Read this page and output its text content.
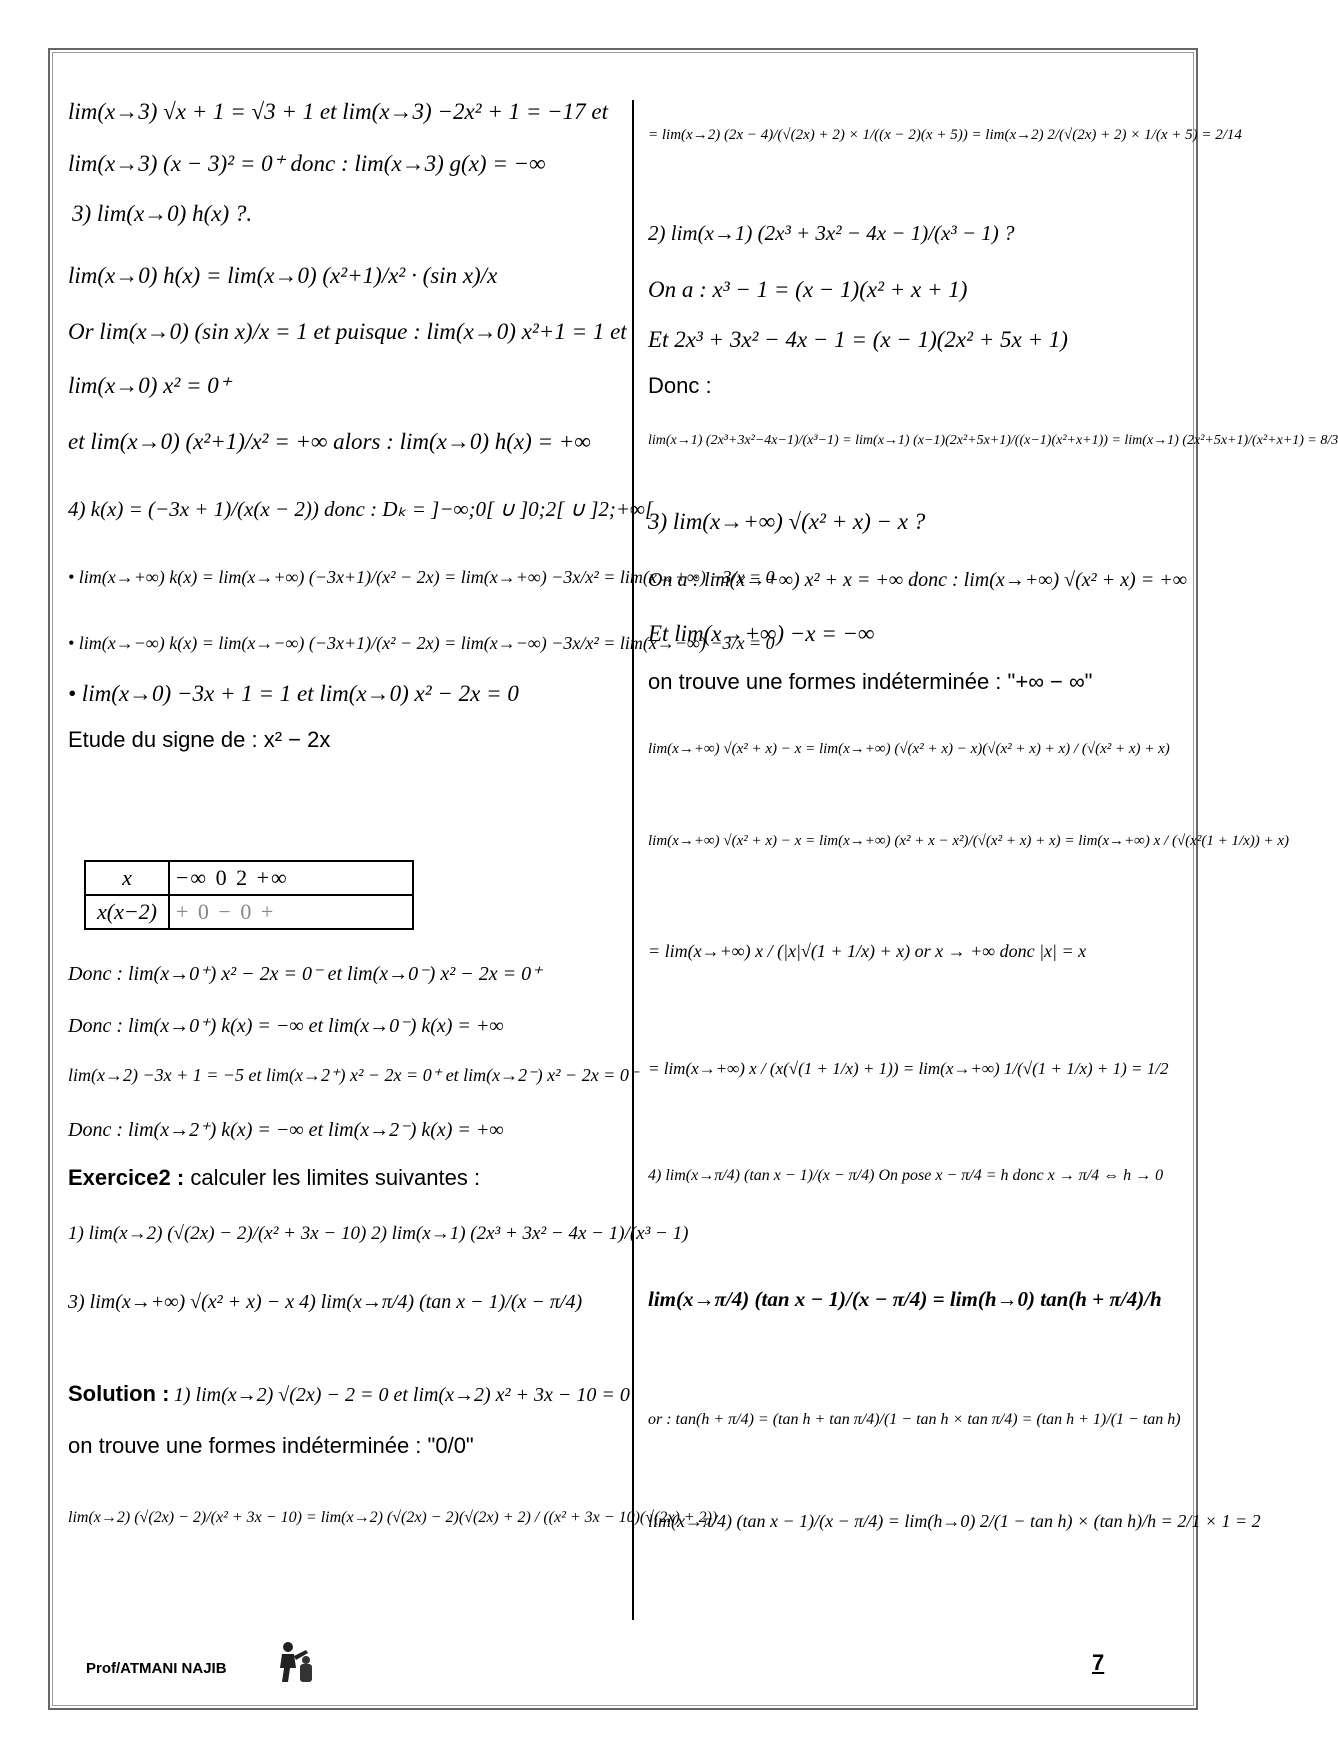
lim(x→3) √x + 1 = √3 + 1 et lim(x→3) −2x² + 1 = −17 et
lim(x→3) (x − 3)² = 0⁺ donc : lim(x→3) g(x) = −∞
3) lim(x→0) h(x) ?.
lim(x→0) h(x) = lim(x→0) (x²+1)/x² · (sin x)/x
Or lim(x→0) (sin x)/x = 1 et puisque : lim(x→0) x²+1 = 1 et
lim(x→0) x² = 0⁺
et lim(x→0) (x²+1)/x² = +∞ alors : lim(x→0) h(x) = +∞
4) k(x) = (−3x + 1)/(x(x − 2)) donc : Dₖ = ]−∞;0[ ∪ ]0;2[ ∪ ]2;+∞[
• lim(x→+∞) k(x) = lim(x→+∞) (−3x+1)/(x² − 2x) = lim(x→+∞) −3x/x² = lim(x→+∞) −3/x = 0
• lim(x→−∞) k(x) = lim(x→−∞) (−3x+1)/(x² − 2x) = lim(x→−∞) −3x/x² = lim(x→−∞) −3/x = 0
• lim(x→0) −3x + 1 = 1 et lim(x→0) x² − 2x = 0
Etude du signe de : x² − 2x
x	−∞ 0 2 +∞
x(x−2)	+ 0 − 0 +
Donc : lim(x→0⁺) x² − 2x = 0⁻ et lim(x→0⁻) x² − 2x = 0⁺
Donc : lim(x→0⁺) k(x) = −∞ et lim(x→0⁻) k(x) = +∞
lim(x→2) −3x + 1 = −5 et lim(x→2⁺) x² − 2x = 0⁺ et lim(x→2⁻) x² − 2x = 0⁻
Donc : lim(x→2⁺) k(x) = −∞ et lim(x→2⁻) k(x) = +∞
Exercice2 : calculer les limites suivantes :
1) lim(x→2) (√(2x) − 2)/(x² + 3x − 10) 2) lim(x→1) (2x³ + 3x² − 4x − 1)/(x³ − 1)
3) lim(x→+∞) √(x² + x) − x 4) lim(x→π/4) (tan x − 1)/(x − π/4)
Solution : 1) lim(x→2) √(2x) − 2 = 0 et lim(x→2) x² + 3x − 10 = 0
on trouve une formes indéterminée : "0/0"
lim(x→2) (√(2x) − 2)/(x² + 3x − 10) = lim(x→2) (√(2x) − 2)(√(2x) + 2) / ((x² + 3x − 10)(√(2x) + 2))
= lim(x→2) (2x − 4)/(√(2x) + 2) × 1/((x − 2)(x + 5)) = lim(x→2) 2/(√(2x) + 2) × 1/(x + 5) = 2/14
2) lim(x→1) (2x³ + 3x² − 4x − 1)/(x³ − 1) ?
On a : x³ − 1 = (x − 1)(x² + x + 1)
Et 2x³ + 3x² − 4x − 1 = (x − 1)(2x² + 5x + 1)
Donc :
lim(x→1) (2x³+3x²−4x−1)/(x³−1) = lim(x→1) (x−1)(2x²+5x+1)/((x−1)(x²+x+1)) = lim(x→1) (2x²+5x+1)/(x²+x+1) = 8/3
3) lim(x→+∞) √(x² + x) − x ?
On a : lim(x→+∞) x² + x = +∞ donc : lim(x→+∞) √(x² + x) = +∞
Et lim(x→+∞) −x = −∞
on trouve une formes indéterminée : "+∞ − ∞"
lim(x→+∞) √(x² + x) − x = lim(x→+∞) (√(x² + x) − x)(√(x² + x) + x) / (√(x² + x) + x)
lim(x→+∞) √(x² + x) − x = lim(x→+∞) (x² + x − x²)/(√(x² + x) + x) = lim(x→+∞) x / (√(x²(1 + 1/x)) + x)
= lim(x→+∞) x / (|x|√(1 + 1/x) + x) or x → +∞ donc |x| = x
= lim(x→+∞) x / (x(√(1 + 1/x) + 1)) = lim(x→+∞) 1/(√(1 + 1/x) + 1) = 1/2
4) lim(x→π/4) (tan x − 1)/(x − π/4) On pose x − π/4 = h donc x → π/4 ⇔ h → 0
lim(x→π/4) (tan x − 1)/(x − π/4) = lim(h→0) tan(h + π/4)/h
or : tan(h + π/4) = (tan h + tan π/4)/(1 − tan h × tan π/4) = (tan h + 1)/(1 − tan h)
lim(x→π/4) (tan x − 1)/(x − π/4) = lim(h→0) 2/(1 − tan h) × (tan h)/h = 2/1 × 1 = 2
Prof/ATMANI NAJIB	7
